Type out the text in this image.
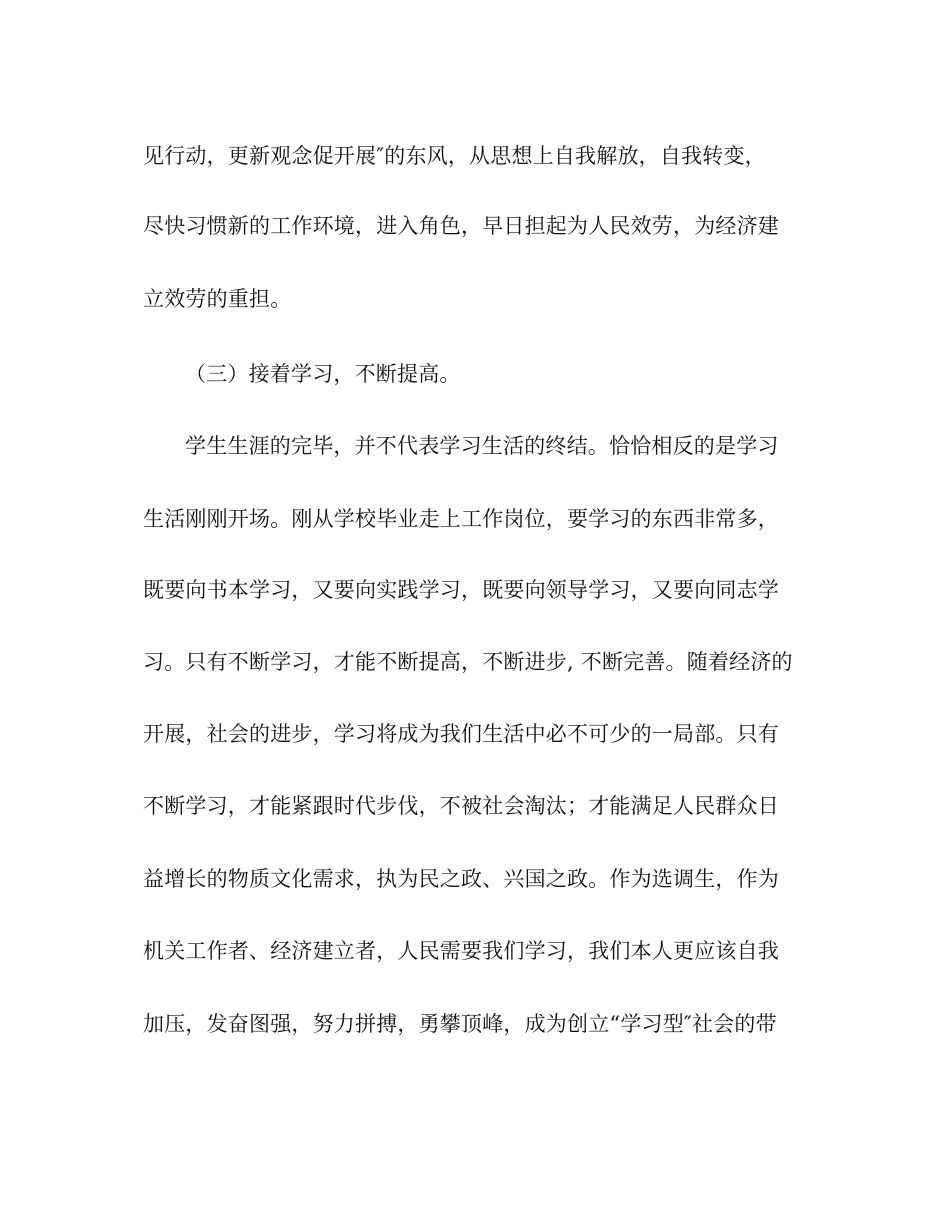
见行动，更新观念促开展″的东风，从思想上自我解放，自我转变，
尽快习惯新的工作环境，进入角色，早日担起为人民效劳，为经济建
立效劳的重担。
（三）接着学习，不断提高。
学生生涯的完毕，并不代表学习生活的终结。恰恰相反的是学习
生活刚刚开场。刚从学校毕业走上工作岗位，要学习的东西非常多，
既要向书本学习，又要向实践学习，既要向领导学习，又要向同志学
习。只有不断学习，才能不断提高，不断进步, 不断完善。随着经济的
开展，社会的进步，学习将成为我们生活中必不可少的一局部。只有
不断学习，才能紧跟时代步伐，不被社会淘汰；才能满足人民群众日
益增长的物质文化需求，执为民之政、兴国之政。作为选调生，作为
机关工作者、经济建立者，人民需要我们学习，我们本人更应该自我
加压，发奋图强，努力拼搏，勇攀顶峰，成为创立“学习型″社会的带
